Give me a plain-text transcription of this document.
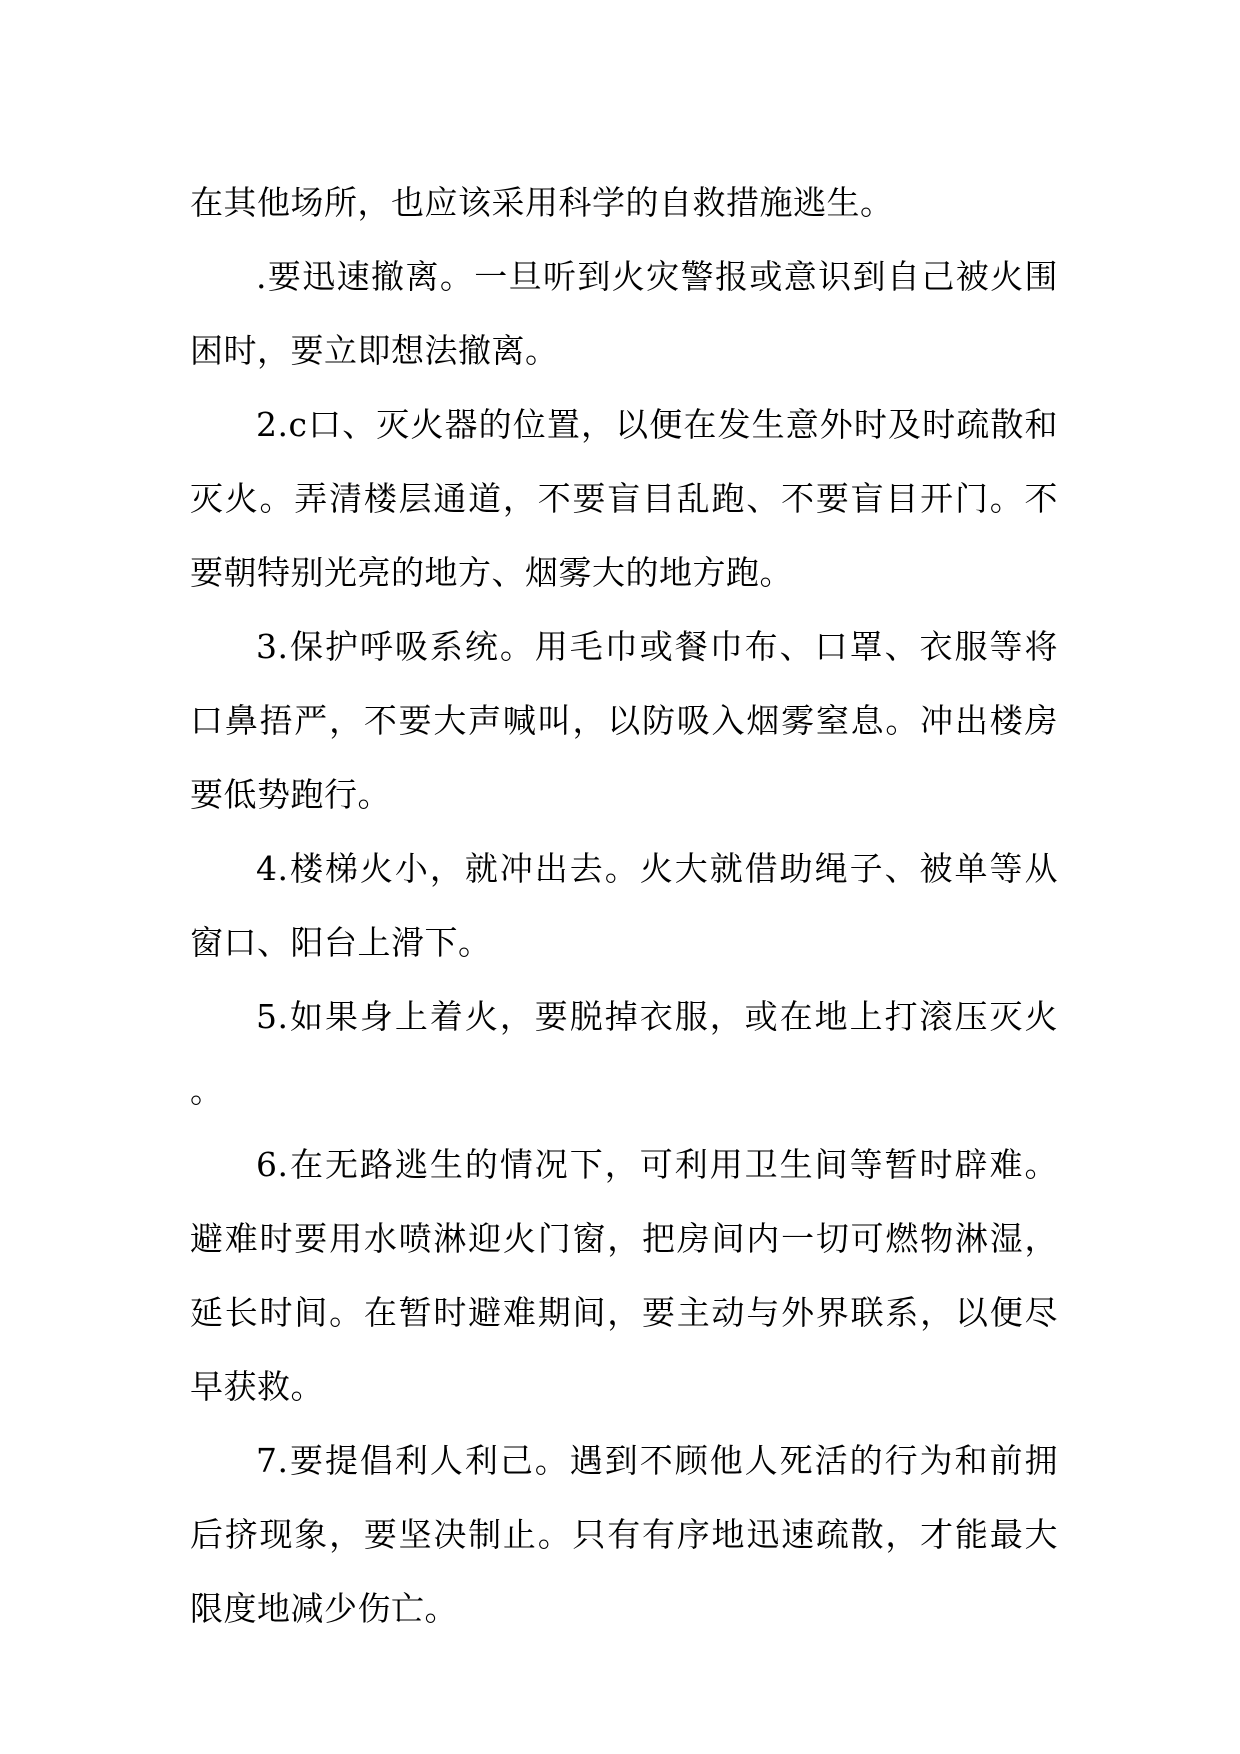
在其他场所，也应该采用科学的自救措施逃生。

.要迅速撤离。一旦听到火灾警报或意识到自己被火围困时，要立即想法撤离。

2.c口、灭火器的位置，以便在发生意外时及时疏散和灭火。弄清楼层通道，不要盲目乱跑、不要盲目开门。不要朝特别光亮的地方、烟雾大的地方跑。

3.保护呼吸系统。用毛巾或餐巾布、口罩、衣服等将口鼻捂严，不要大声喊叫，以防吸入烟雾窒息。冲出楼房要低势跑行。

4.楼梯火小，就冲出去。火大就借助绳子、被单等从窗口、阳台上滑下。

5.如果身上着火，要脱掉衣服，或在地上打滚压灭火。

6.在无路逃生的情况下，可利用卫生间等暂时辟难。避难时要用水喷淋迎火门窗，把房间内一切可燃物淋湿，延长时间。在暂时避难期间，要主动与外界联系，以便尽早获救。

7.要提倡利人利己。遇到不顾他人死活的行为和前拥后挤现象，要坚决制止。只有有序地迅速疏散，才能最大限度地减少伤亡。
